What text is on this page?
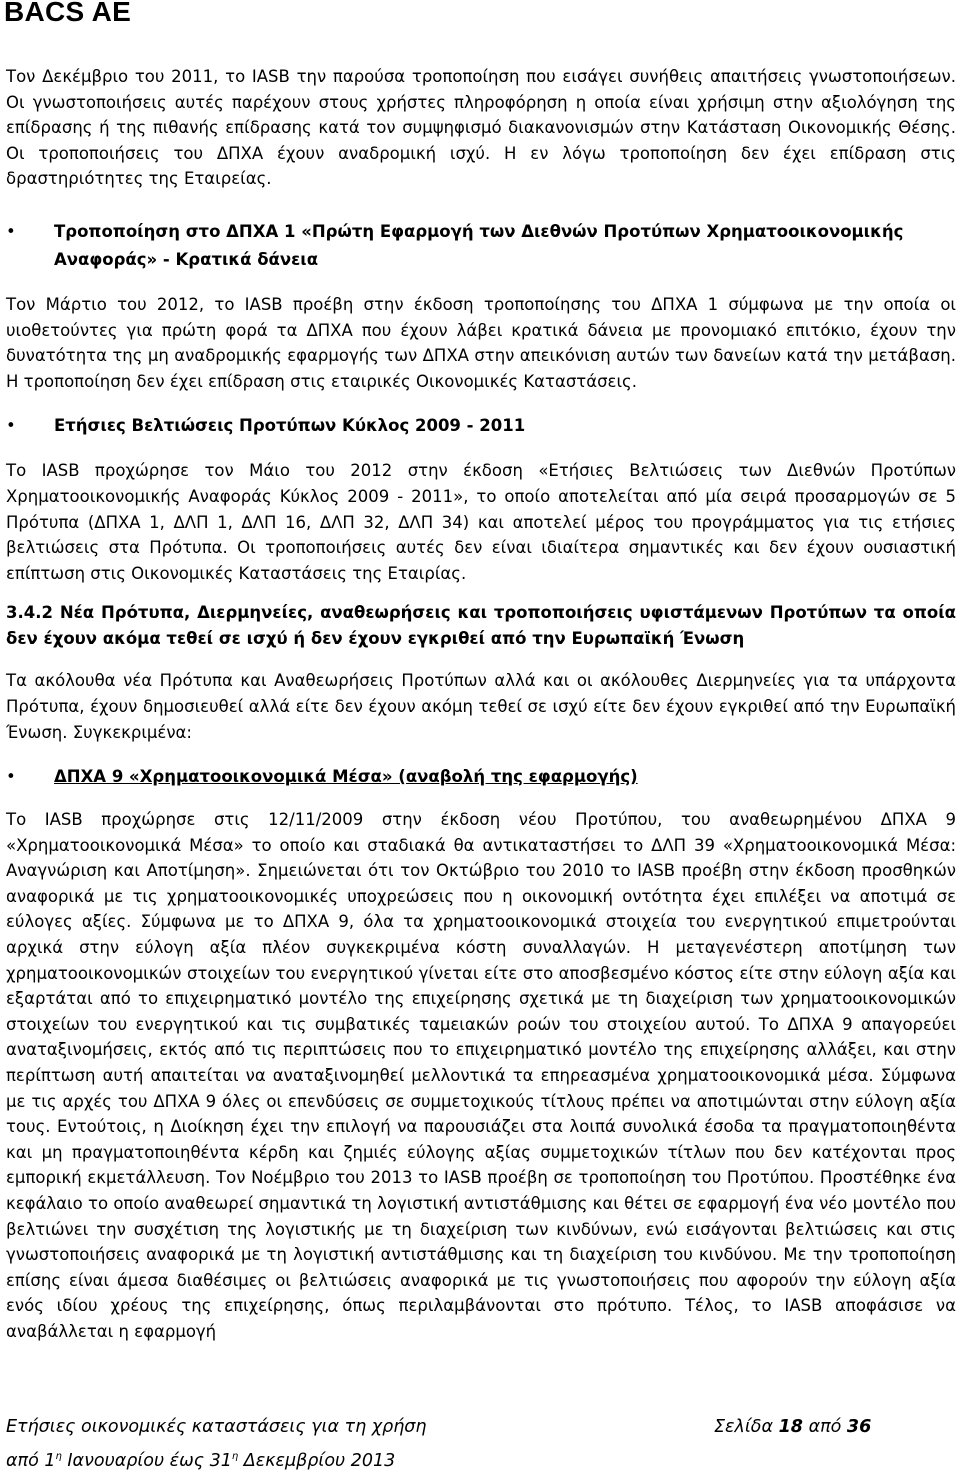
BACS AE

Τον Δεκέμβριο του 2011, το IASB την παρούσα τροποποίηση που εισάγει συνήθεις απαιτήσεις γνωστοποιήσεων. Οι γνωστοποιήσεις αυτές παρέχουν στους χρήστες πληροφόρηση η οποία είναι χρήσιμη στην αξιολόγηση της επίδρασης ή της πιθανής επίδρασης κατά τον συμψηφισμό διακανονισμών στην Κατάσταση Οικονομικής Θέσης. Οι τροποποιήσεις του ΔΠΧΑ έχουν αναδρομική ισχύ. Η εν λόγω τροποποίηση δεν έχει επίδραση στις δραστηριότητες της Εταιρείας.

• Τροποποίηση στο ΔΠΧΑ 1 «Πρώτη Εφαρμογή των Διεθνών Προτύπων Χρηματοοικονομικής
Αναφοράς» - Κρατικά δάνεια

Τον Μάρτιο του 2012, το IASB προέβη στην έκδοση τροποποίησης του ΔΠΧΑ 1 σύμφωνα με την οποία οι υιοθετούντες για πρώτη φορά τα ΔΠΧΑ που έχουν λάβει κρατικά δάνεια με προνομιακό επιτόκιο, έχουν την δυνατότητα της μη αναδρομικής εφαρμογής των ΔΠΧΑ στην απεικόνιση αυτών των δανείων κατά την μετάβαση. Η τροποποίηση δεν έχει επίδραση στις εταιρικές Οικονομικές Καταστάσεις.

• Ετήσιες Βελτιώσεις Προτύπων Κύκλος 2009 - 2011

Το IASB προχώρησε τον Μάιο του 2012 στην έκδοση «Ετήσιες Βελτιώσεις των Διεθνών Προτύπων Χρηματοοικονομικής Αναφοράς Κύκλος 2009 - 2011», το οποίο αποτελείται από μία σειρά προσαρμογών σε 5 Πρότυπα (ΔΠΧΑ 1, ΔΛΠ 1, ΔΛΠ 16, ΔΛΠ 32, ΔΛΠ 34) και αποτελεί μέρος του προγράμματος για τις ετήσιες βελτιώσεις στα Πρότυπα. Οι τροποποιήσεις αυτές δεν είναι ιδιαίτερα σημαντικές και δεν έχουν ουσιαστική επίπτωση στις Οικονομικές Καταστάσεις της Εταιρίας.

3.4.2 Νέα Πρότυπα, Διερμηνείες, αναθεωρήσεις και τροποποιήσεις υφιστάμενων Προτύπων τα οποία δεν έχουν ακόμα τεθεί σε ισχύ ή δεν έχουν εγκριθεί από την Ευρωπαϊκή Ένωση

Τα ακόλουθα νέα Πρότυπα και Αναθεωρήσεις Προτύπων αλλά και οι ακόλουθες Διερμηνείες για τα υπάρχοντα Πρότυπα, έχουν δημοσιευθεί αλλά είτε δεν έχουν ακόμη τεθεί σε ισχύ είτε δεν έχουν εγκριθεί από την Ευρωπαϊκή Ένωση. Συγκεκριμένα:

• ΔΠΧΑ 9 «Χρηματοοικονομικά Μέσα» (αναβολή της εφαρμογής)

Το IASB προχώρησε στις 12/11/2009 στην έκδοση νέου Προτύπου, του αναθεωρημένου ΔΠΧΑ 9 «Χρηματοοικονομικά Μέσα» το οποίο και σταδιακά θα αντικαταστήσει το ΔΛΠ 39 «Χρηματοοικονομικά Μέσα: Αναγνώριση και Αποτίμηση». Σημειώνεται ότι τον Οκτώβριο του 2010 το IASB προέβη στην έκδοση προσθηκών αναφορικά με τις χρηματοοικονομικές υποχρεώσεις που η οικονομική οντότητα έχει επιλέξει να αποτιμά σε εύλογες αξίες. Σύμφωνα με το ΔΠΧΑ 9, όλα τα χρηματοοικονομικά στοιχεία του ενεργητικού επιμετρούνται αρχικά στην εύλογη αξία πλέον συγκεκριμένα κόστη συναλλαγών. Η μεταγενέστερη αποτίμηση των χρηματοοικονομικών στοιχείων του ενεργητικού γίνεται είτε στο αποσβεσμένο κόστος είτε στην εύλογη αξία και εξαρτάται από το επιχειρηματικό μοντέλο της επιχείρησης σχετικά με τη διαχείριση των χρηματοοικονομικών στοιχείων του ενεργητικού και τις συμβατικές ταμειακών ροών του στοιχείου αυτού. Το ΔΠΧΑ 9 απαγορεύει αναταξινομήσεις, εκτός από τις περιπτώσεις που το επιχειρηματικό μοντέλο της επιχείρησης αλλάξει, και στην περίπτωση αυτή απαιτείται να αναταξινομηθεί μελλοντικά τα επηρεασμένα χρηματοοικονομικά μέσα. Σύμφωνα με τις αρχές του ΔΠΧΑ 9 όλες οι επενδύσεις σε συμμετοχικούς τίτλους πρέπει να αποτιμώνται στην εύλογη αξία τους. Εντούτοις, η Διοίκηση έχει την επιλογή να παρουσιάζει στα λοιπά συνολικά έσοδα τα πραγματοποιηθέντα και μη πραγματοποιηθέντα κέρδη και ζημιές εύλογης αξίας συμμετοχικών τίτλων που δεν κατέχονται προς εμπορική εκμετάλλευση. Τον Νοέμβριο του 2013 το IASB προέβη σε τροποποίηση του Προτύπου. Προστέθηκε ένα κεφάλαιο το οποίο αναθεωρεί σημαντικά τη λογιστική αντιστάθμισης και θέτει σε εφαρμογή ένα νέο μοντέλο που βελτιώνει την συσχέτιση της λογιστικής με τη διαχείριση των κινδύνων, ενώ εισάγονται βελτιώσεις και στις γνωστοποιήσεις αναφορικά με τη λογιστική αντιστάθμισης και τη διαχείριση του κινδύνου. Με την τροποποίηση επίσης είναι άμεσα διαθέσιμες οι βελτιώσεις αναφορικά με τις γνωστοποιήσεις που αφορούν την εύλογη αξία ενός ιδίου χρέους της επιχείρησης, όπως περιλαμβάνονται στο πρότυπο. Τέλος, το IASB αποφάσισε να αναβάλλεται η εφαρμογή

Ετήσιες οικονομικές καταστάσεις για τη χρήση	Σελίδα 18 από 36
από $1^\eta$ Ιανουαρίου έως $31^\eta$ Δεκεμβρίου 2013
